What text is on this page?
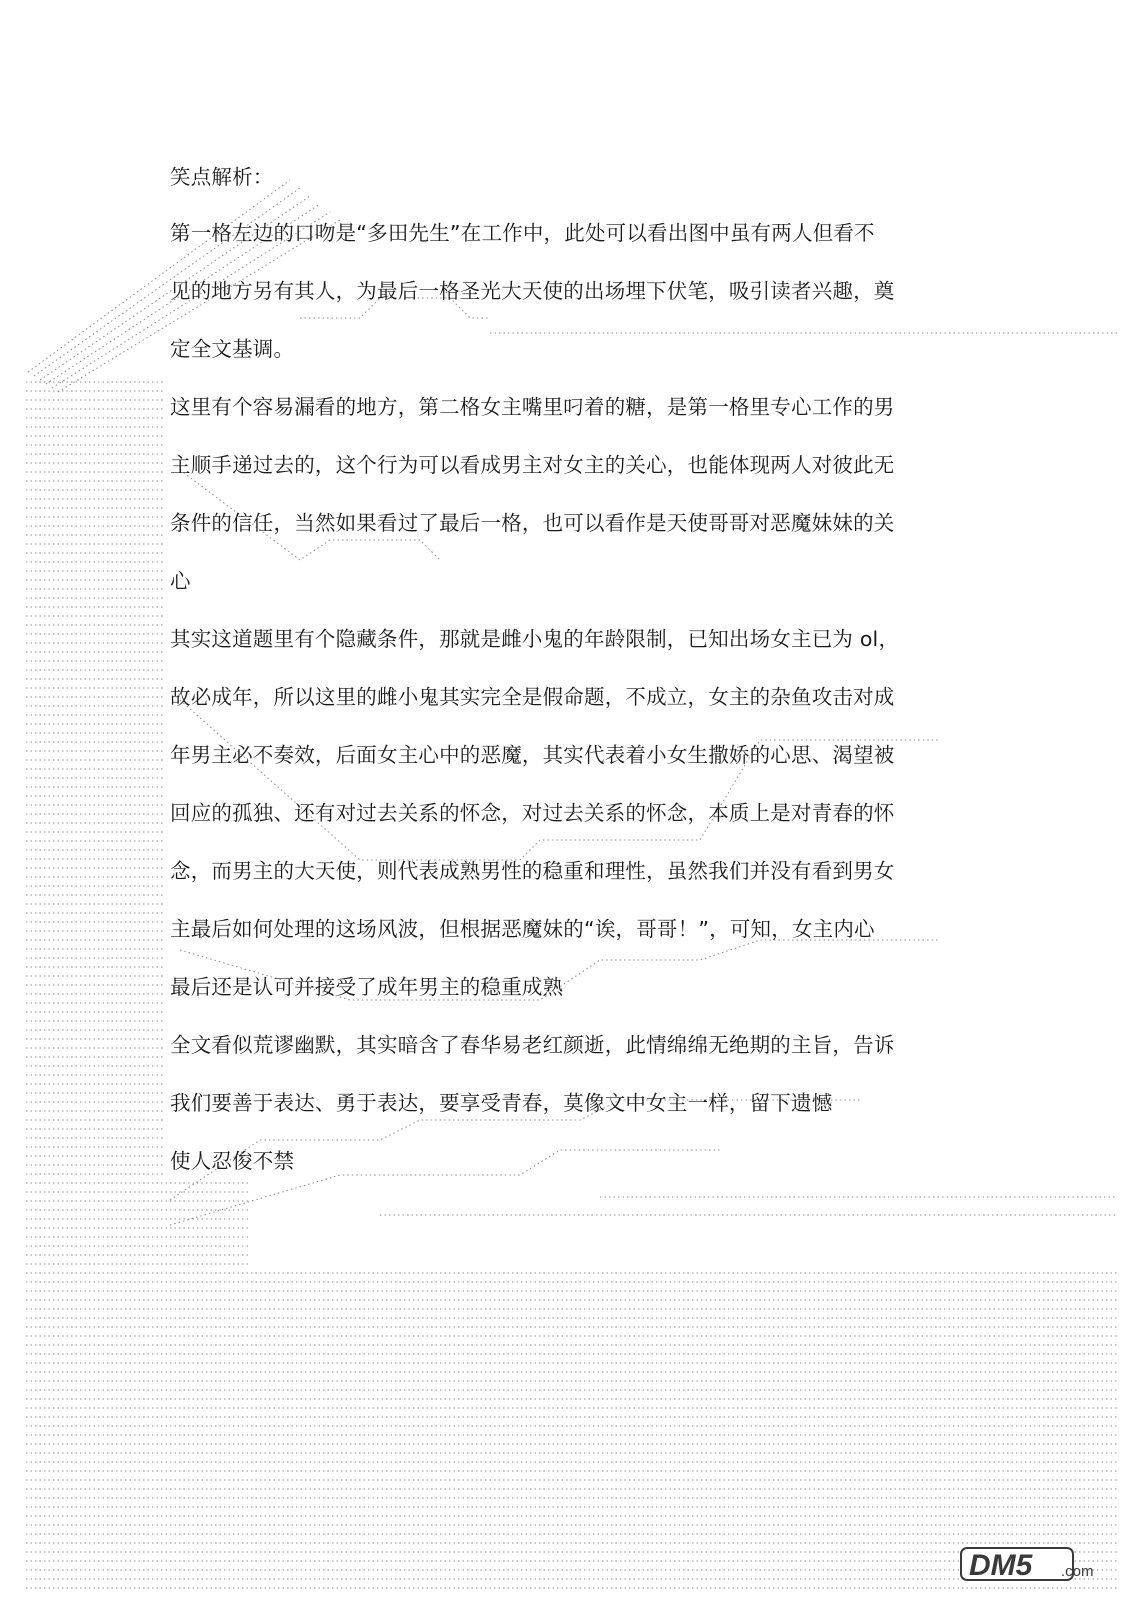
笑点解析：
第一格左边的口吻是“多田先生”在工作中，此处可以看出图中虽有两人但看不
见的地方另有其人，为最后一格圣光大天使的出场埋下伏笔，吸引读者兴趣，奠
定全文基调。
这里有个容易漏看的地方，第二格女主嘴里叼着的糖，是第一格里专心工作的男
主顺手递过去的，这个行为可以看成男主对女主的关心，也能体现两人对彼此无
条件的信任，当然如果看过了最后一格，也可以看作是天使哥哥对恶魔妹妹的关
心
其实这道题里有个隐藏条件，那就是雌小鬼的年龄限制，已知出场女主已为 ol，
故必成年，所以这里的雌小鬼其实完全是假命题，不成立，女主的杂鱼攻击对成
年男主必不奏效，后面女主心中的恶魔，其实代表着小女生撒娇的心思、渴望被
回应的孤独、还有对过去关系的怀念，对过去关系的怀念，本质上是对青春的怀
念，而男主的大天使，则代表成熟男性的稳重和理性，虽然我们并没有看到男女
主最后如何处理的这场风波，但根据恶魔妹的“诶，哥哥！”，可知，女主内心
最后还是认可并接受了成年男主的稳重成熟
全文看似荒谬幽默，其实暗含了春华易老红颜逝，此情绵绵无绝期的主旨，告诉
我们要善于表达、勇于表达，要享受青春，莫像文中女主一样，留下遗憾
使人忍俊不禁
DM5 .com
